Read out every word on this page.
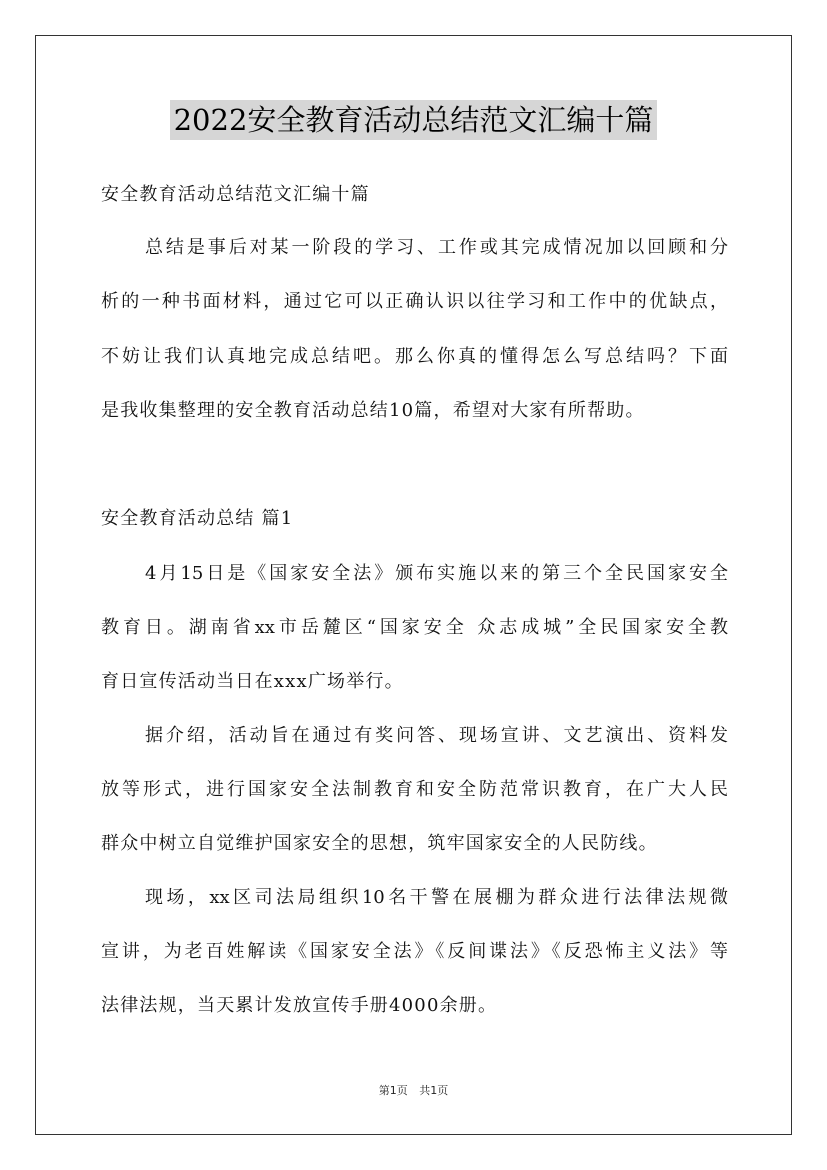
2022安全教育活动总结范文汇编十篇
安全教育活动总结范文汇编十篇
总结是事后对某一阶段的学习、工作或其完成情况加以回顾和分
析的一种书面材料，通过它可以正确认识以往学习和工作中的优缺点，
不妨让我们认真地完成总结吧。那么你真的懂得怎么写总结吗？下面
是我收集整理的安全教育活动总结10篇，希望对大家有所帮助。
安全教育活动总结 篇1
4月15日是《国家安全法》颁布实施以来的第三个全民国家安全
教育日。湖南省xx市岳麓区“国家安全 众志成城”全民国家安全教
育日宣传活动当日在xxx广场举行。
据介绍，活动旨在通过有奖问答、现场宣讲、文艺演出、资料发
放等形式，进行国家安全法制教育和安全防范常识教育，在广大人民
群众中树立自觉维护国家安全的思想，筑牢国家安全的人民防线。
现场，xx区司法局组织10名干警在展棚为群众进行法律法规微
宣讲，为老百姓解读《国家安全法》《反间谍法》《反恐怖主义法》等
法律法规，当天累计发放宣传手册4000余册。
第1页 共1页
